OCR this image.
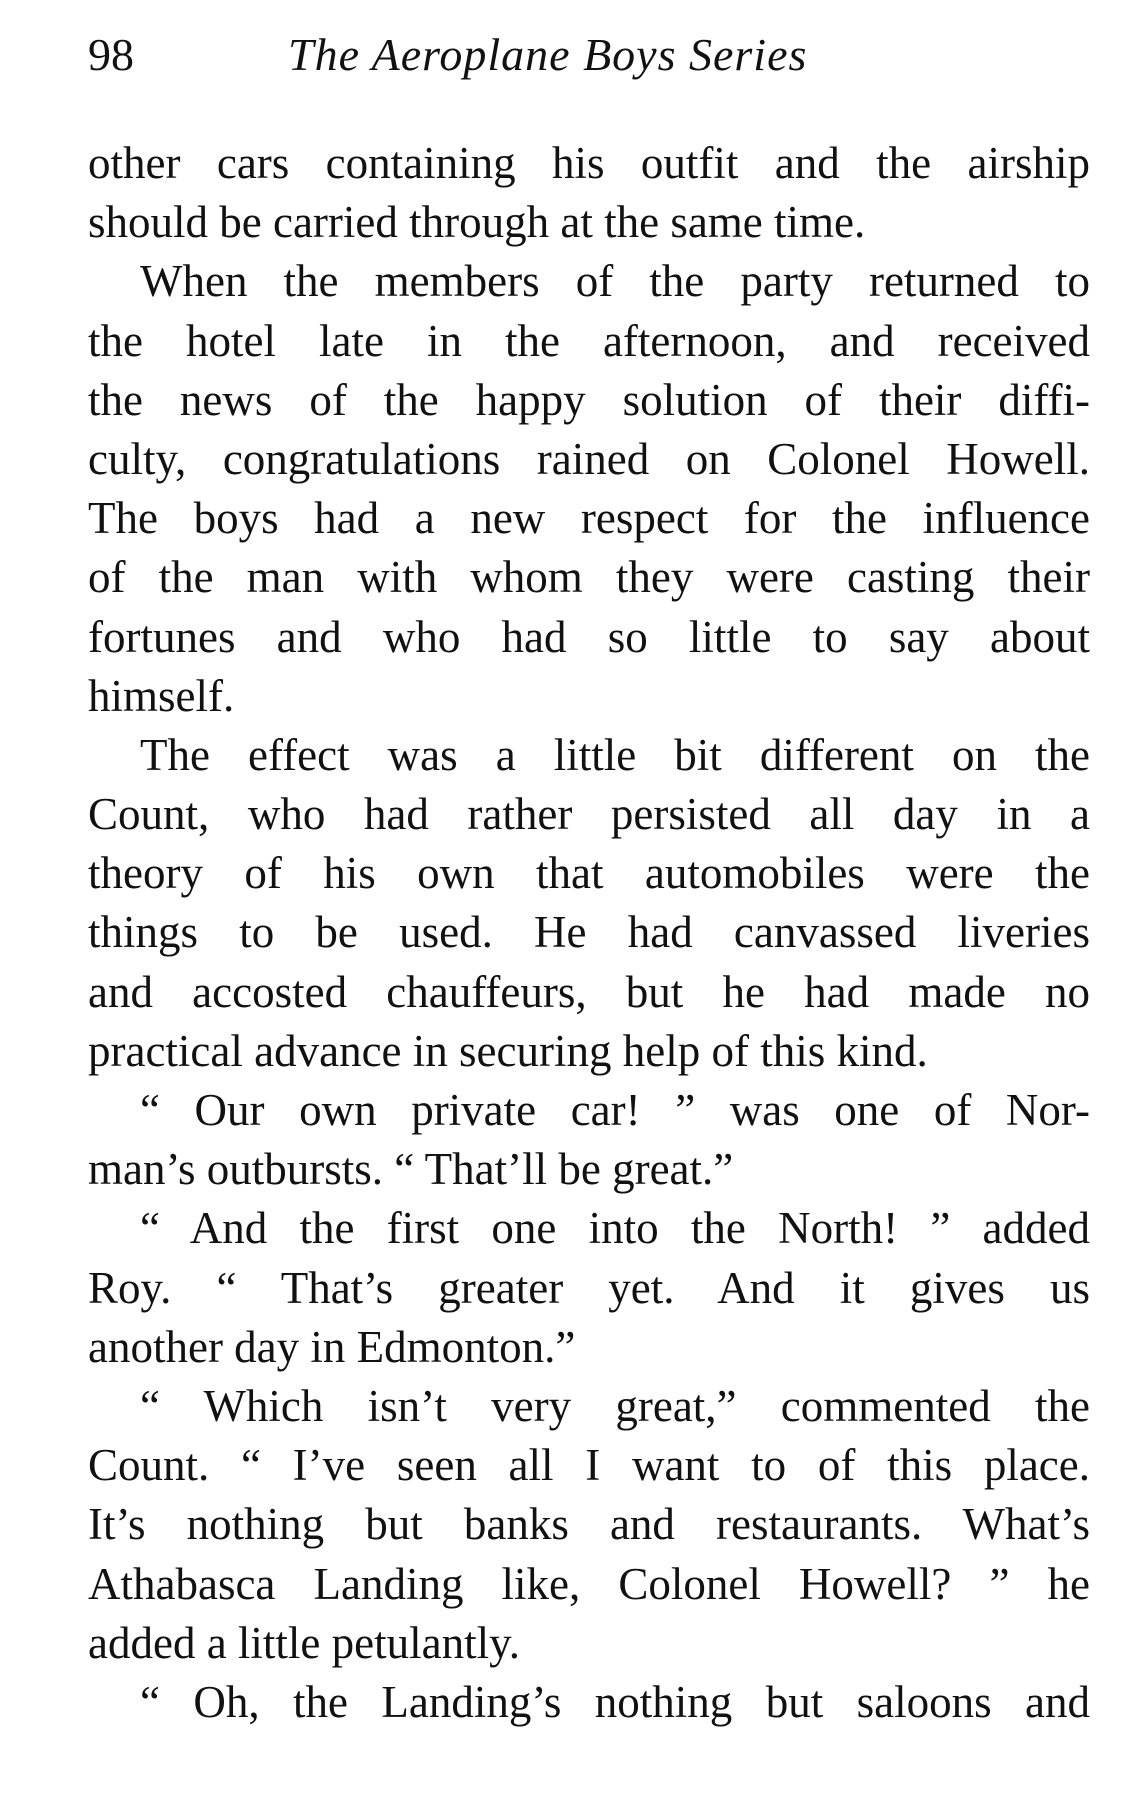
98	The Aeroplane Boys Series
other cars containing his outfit and the airship
should be carried through at the same time.
When the members of the party returned to
the hotel late in the afternoon, and received
the news of the happy solution of their diffi-
culty, congratulations rained on Colonel Howell.
The boys had a new respect for the influence
of the man with whom they were casting their
fortunes and who had so little to say about
himself.
The effect was a little bit different on the
Count, who had rather persisted all day in a
theory of his own that automobiles were the
things to be used. He had canvassed liveries
and accosted chauffeurs, but he had made no
practical advance in securing help of this kind.
“ Our own private car! ” was one of Nor-
man’s outbursts. “ That’ll be great.”
“ And the first one into the North! ” added
Roy. “ That’s greater yet. And it gives us
another day in Edmonton.”
“ Which isn’t very great,” commented the
Count. “ I’ve seen all I want to of this place.
It’s nothing but banks and restaurants. What’s
Athabasca Landing like, Colonel Howell? ” he
added a little petulantly.
“ Oh, the Landing’s nothing but saloons and
